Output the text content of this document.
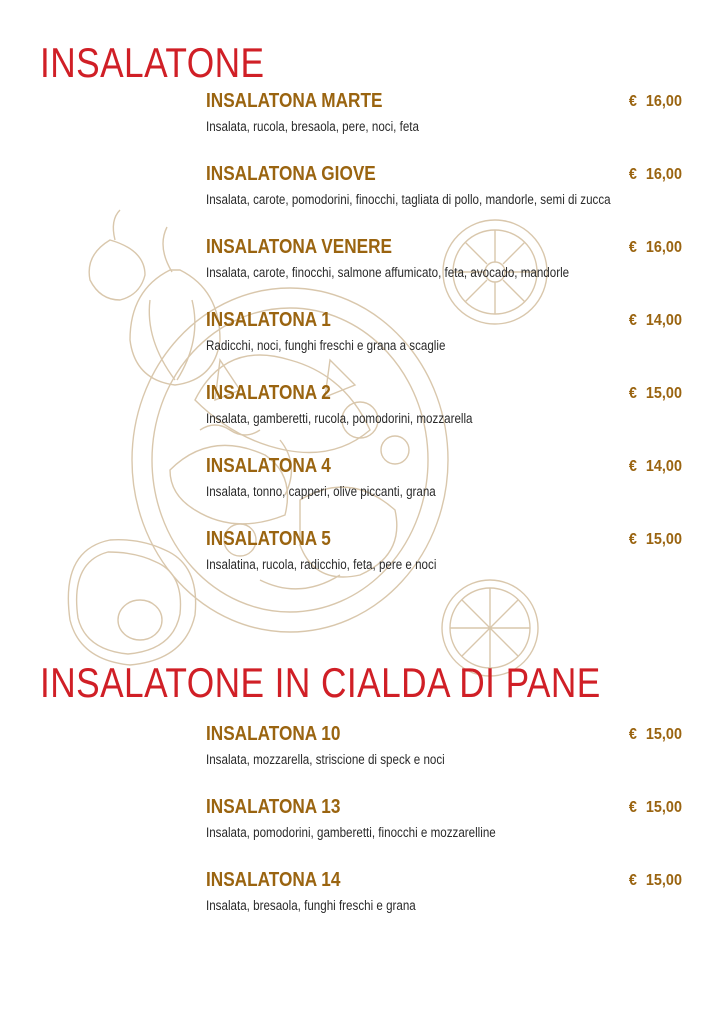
INSALATONE
INSALATONA MARTE	€ 16,00
Insalata, rucola, bresaola, pere, noci, feta
INSALATONA GIOVE	€ 16,00
Insalata, carote, pomodorini, finocchi, tagliata di pollo, mandorle, semi di zucca
INSALATONA VENERE	€ 16,00
Insalata, carote, finocchi, salmone affumicato, feta, avocado, mandorle
INSALATONA 1	€ 14,00
Radicchi, noci, funghi freschi e grana a scaglie
INSALATONA 2	€ 15,00
Insalata, gamberetti, rucola, pomodorini, mozzarella
INSALATONA 4	€ 14,00
Insalata, tonno, capperi, olive piccanti, grana
INSALATONA 5	€ 15,00
Insalatina, rucola, radicchio, feta, pere e noci
INSALATONE IN CIALDA DI PANE
INSALATONA 10	€ 15,00
Insalata, mozzarella, striscione di speck e noci
INSALATONA 13	€ 15,00
Insalata, pomodorini, gamberetti, finocchi e mozzarelline
INSALATONA 14	€ 15,00
Insalata, bresaola, funghi freschi e grana
